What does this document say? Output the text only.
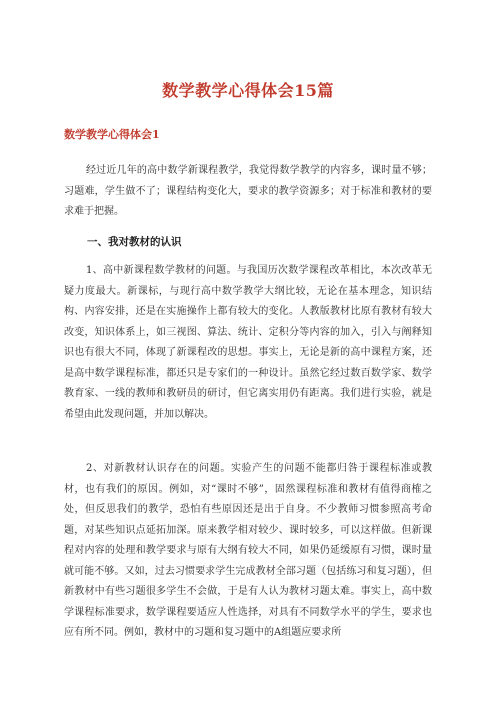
数学教学心得体会15篇
数学教学心得体会1
经过近几年的高中数学新课程教学，我觉得数学教学的内容多，课时量不够；习题难，学生做不了；课程结构变化大，要求的教学资源多；对于标准和教材的要求难于把握。
一、我对教材的认识
1、高中新课程数学教材的问题。与我国历次数学课程改革相比，本次改革无疑力度最大。新课标，与现行高中数学教学大纲比较，无论在基本理念，知识结构、内容安排，还是在实施操作上都有较大的变化。人教版教材比原有教材有较大改变，知识体系上，如三视图、算法、统计、定积分等内容的加入，引入与阐释知识也有很大不同，体现了新课程改的思想。事实上，无论是新的高中课程方案，还是高中数学课程标准，都还只是专家们的一种设计。虽然它经过数百数学家、数学教育家、一线的教师和教研员的研讨，但它离实用仍有距离。我们进行实验，就是希望由此发现问题，并加以解决。
2、对新教材认识存在的问题。实验产生的问题不能都归咎于课程标准或教材，也有我们的原因。例如，对“课时不够”，固然课程标准和教材有值得商榷之处，但反思我们的教学，恐怕有些原因还是出于自身。不少教师习惯参照高考命题，对某些知识点延拓加深。原来教学相对较少、课时较多，可以这样做。但新课程对内容的处理和教学要求与原有大纲有较大不同，如果仍延缓原有习惯，课时量就可能不够。又如，过去习惯要求学生完成教材全部习题（包括练习和复习题），但新教材中有些习题很多学生不会做，于是有人认为教材习题太难。事实上，高中数学课程标准要求，数学课程要适应人性选择，对具有不同数学水平的学生，要求也应有所不同。例如，教材中的习题和复习题中的A组题应要求所
